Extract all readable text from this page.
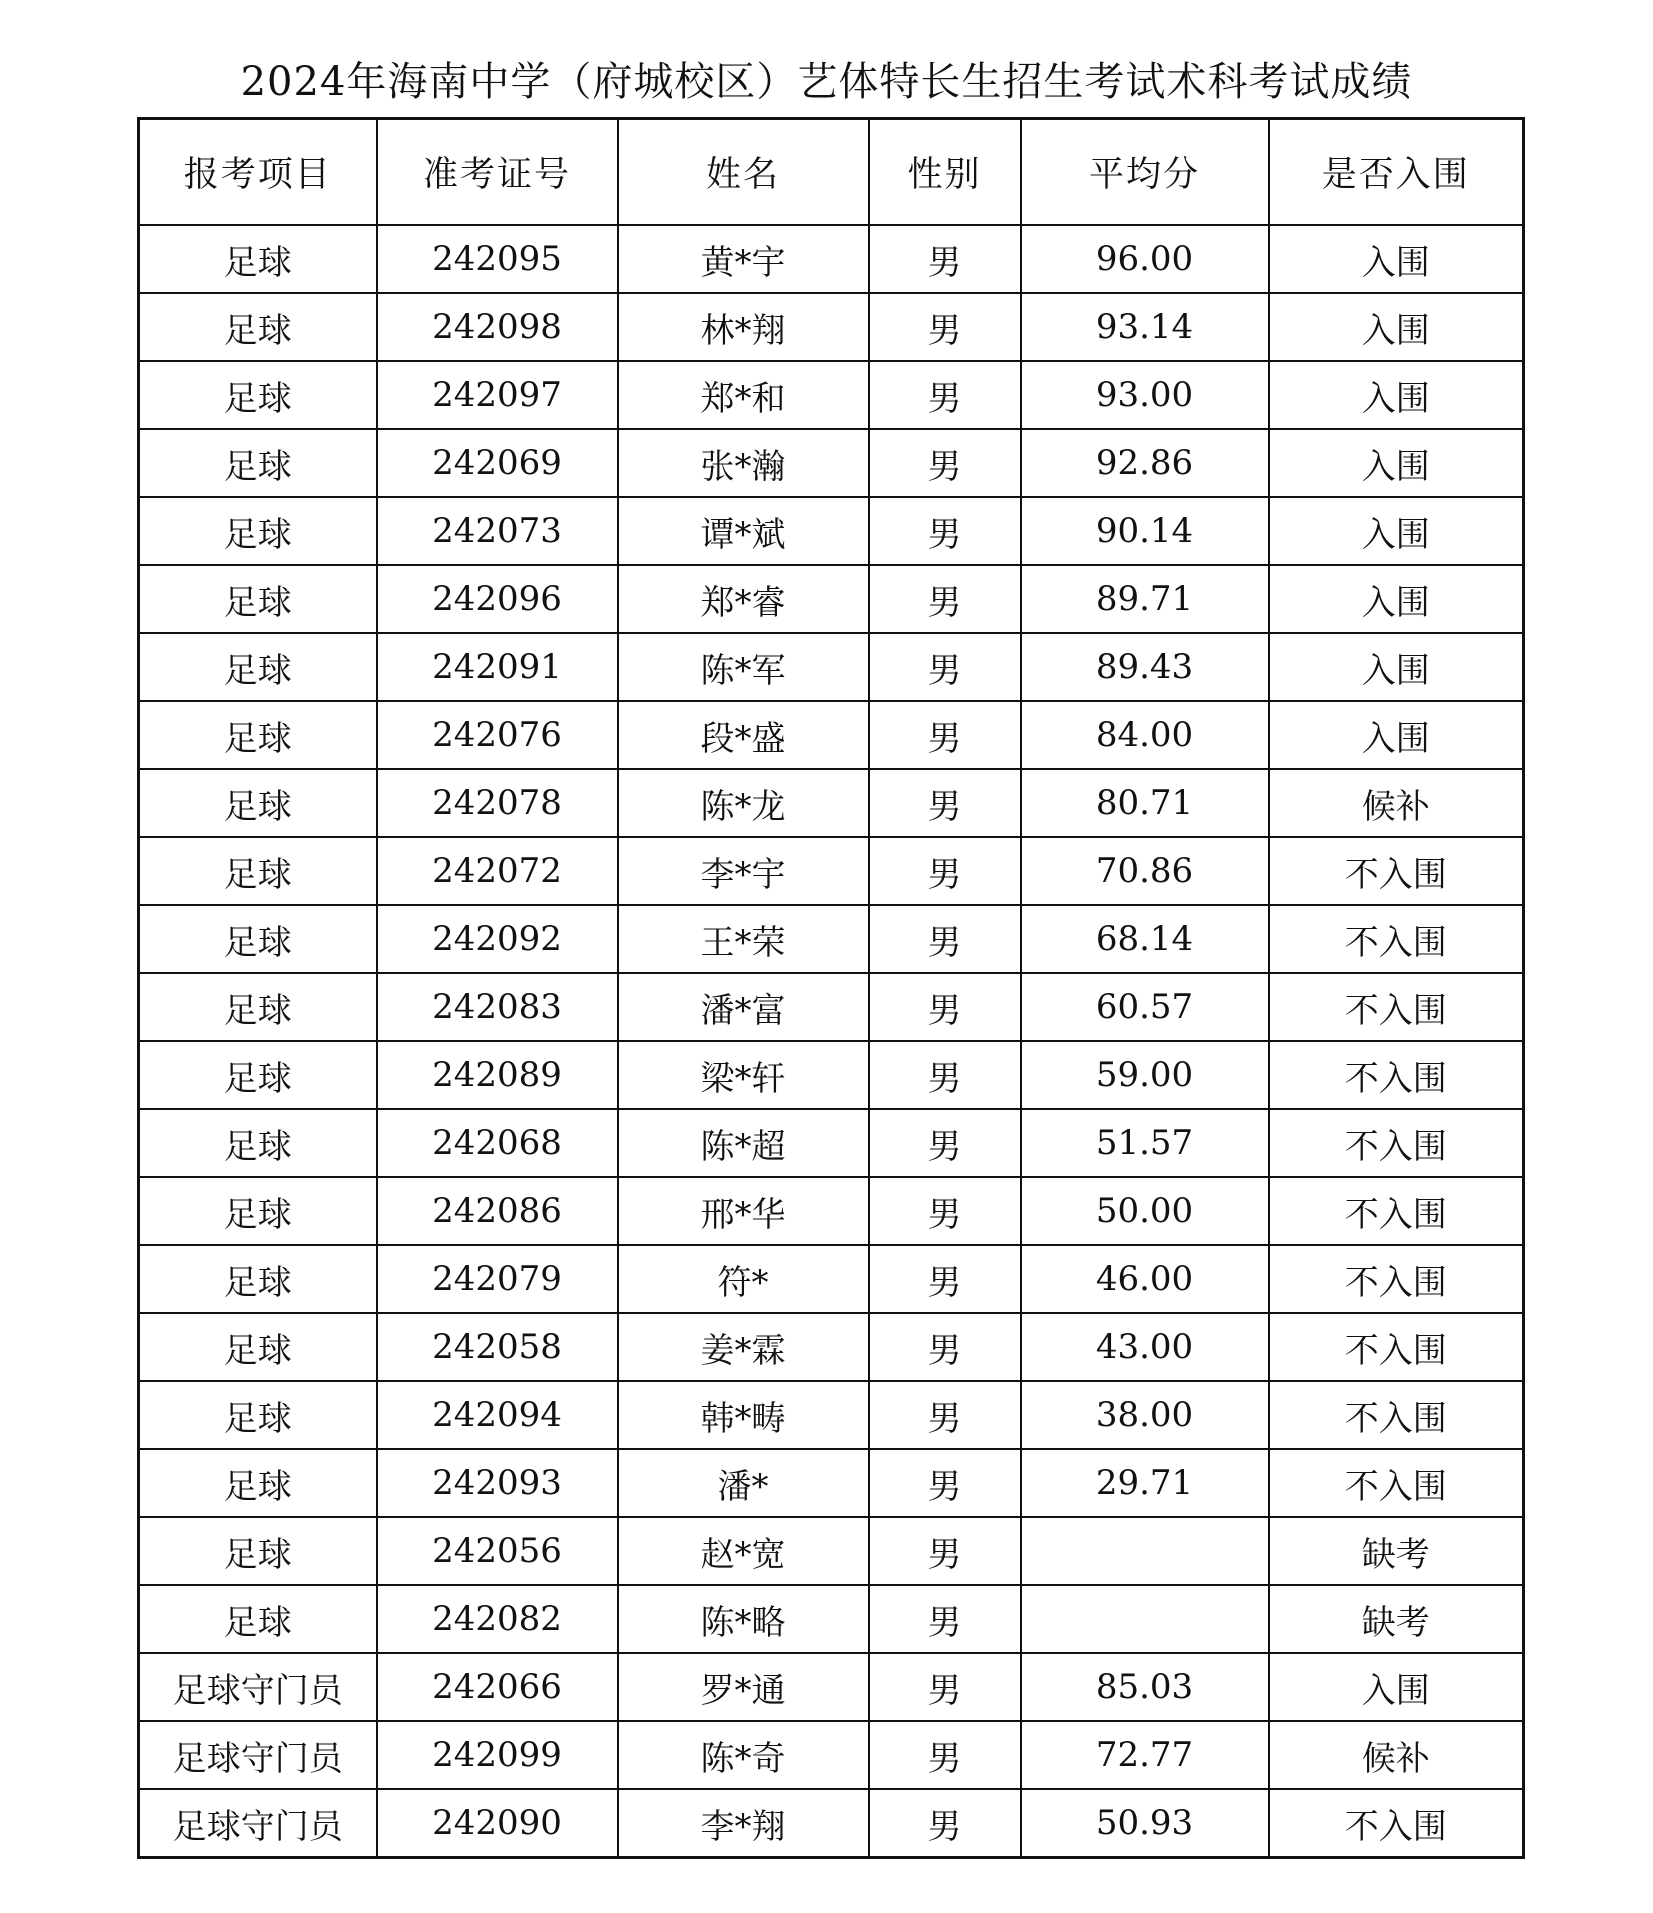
2024年海南中学（府城校区）艺体特长生招生考试术科考试成绩
报考项目	准考证号	姓名	性别	平均分	是否入围
足球	242095	黄*宇	男	96.00	入围
足球	242098	林*翔	男	93.14	入围
足球	242097	郑*和	男	93.00	入围
足球	242069	张*瀚	男	92.86	入围
足球	242073	谭*斌	男	90.14	入围
足球	242096	郑*睿	男	89.71	入围
足球	242091	陈*军	男	89.43	入围
足球	242076	段*盛	男	84.00	入围
足球	242078	陈*龙	男	80.71	候补
足球	242072	李*宇	男	70.86	不入围
足球	242092	王*荣	男	68.14	不入围
足球	242083	潘*富	男	60.57	不入围
足球	242089	梁*轩	男	59.00	不入围
足球	242068	陈*超	男	51.57	不入围
足球	242086	邢*华	男	50.00	不入围
足球	242079	符*	男	46.00	不入围
足球	242058	姜*霖	男	43.00	不入围
足球	242094	韩*畴	男	38.00	不入围
足球	242093	潘*	男	29.71	不入围
足球	242056	赵*宽	男		缺考
足球	242082	陈*略	男		缺考
足球守门员	242066	罗*通	男	85.03	入围
足球守门员	242099	陈*奇	男	72.77	候补
足球守门员	242090	李*翔	男	50.93	不入围
